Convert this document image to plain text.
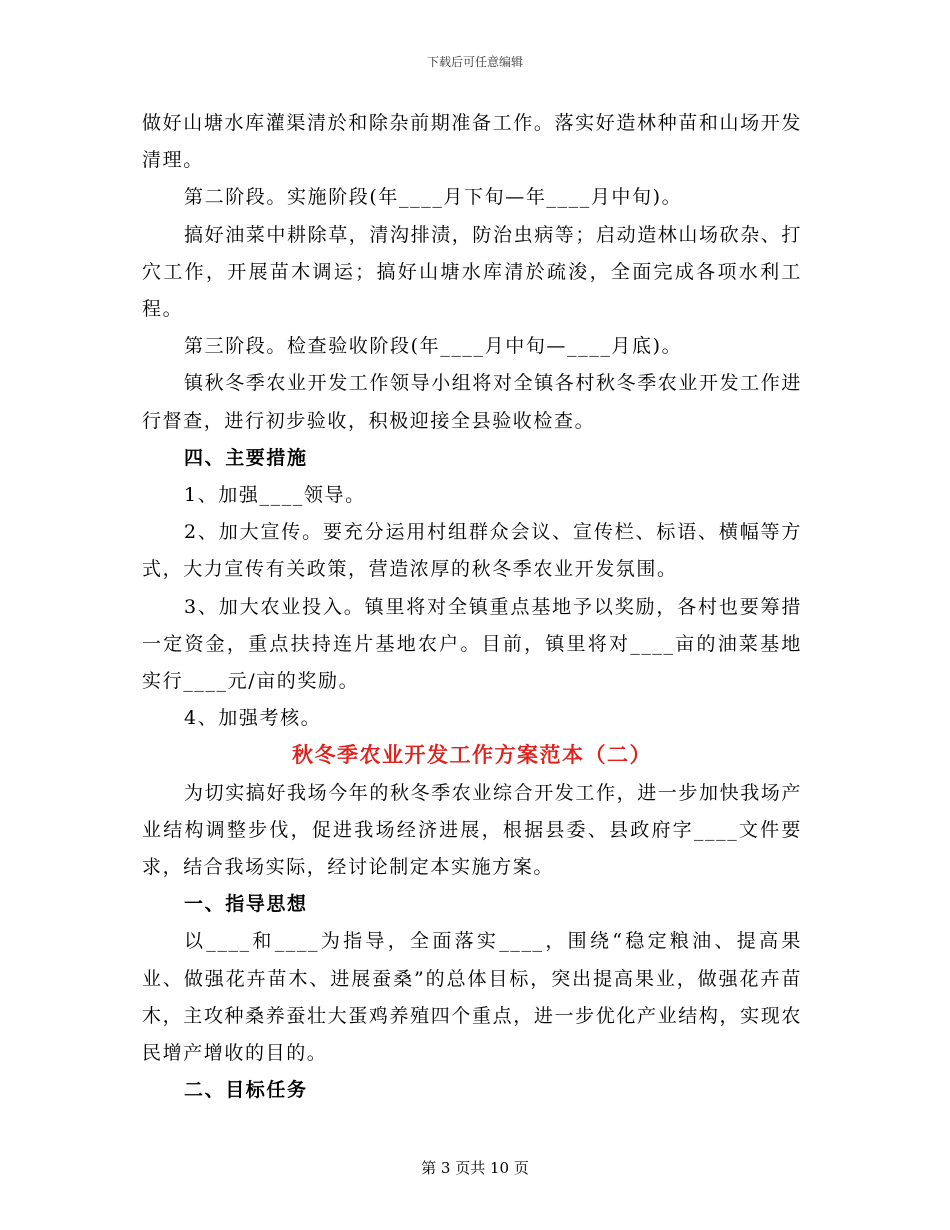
下载后可任意编辑

做好山塘水库灌渠清於和除杂前期准备工作。落实好造林种苗和山场开发清理。

第二阶段。实施阶段(年____月下旬—年____月中旬)。

搞好油菜中耕除草，清沟排渍，防治虫病等；启动造林山场砍杂、打穴工作，开展苗木调运；搞好山塘水库清於疏浚，全面完成各项水利工程。

第三阶段。检查验收阶段(年____月中旬—____月底)。

镇秋冬季农业开发工作领导小组将对全镇各村秋冬季农业开发工作进行督查，进行初步验收，积极迎接全县验收检查。

四、主要措施

1、加强____领导。

2、加大宣传。要充分运用村组群众会议、宣传栏、标语、横幅等方式，大力宣传有关政策，营造浓厚的秋冬季农业开发氛围。

3、加大农业投入。镇里将对全镇重点基地予以奖励，各村也要筹措一定资金，重点扶持连片基地农户。目前，镇里将对____亩的油菜基地实行____元/亩的奖励。

4、加强考核。

秋冬季农业开发工作方案范本（二）

为切实搞好我场今年的秋冬季农业综合开发工作，进一步加快我场产业结构调整步伐，促进我场经济进展，根据县委、县政府字____文件要求，结合我场实际，经讨论制定本实施方案。

一、指导思想

以____和____为指导，全面落实____，围绕“稳定粮油、提高果业、做强花卉苗木、进展蚕桑”的总体目标，突出提高果业，做强花卉苗木，主攻种桑养蚕壮大蛋鸡养殖四个重点，进一步优化产业结构，实现农民增产增收的目的。

二、目标任务

第 3 页共 10 页
